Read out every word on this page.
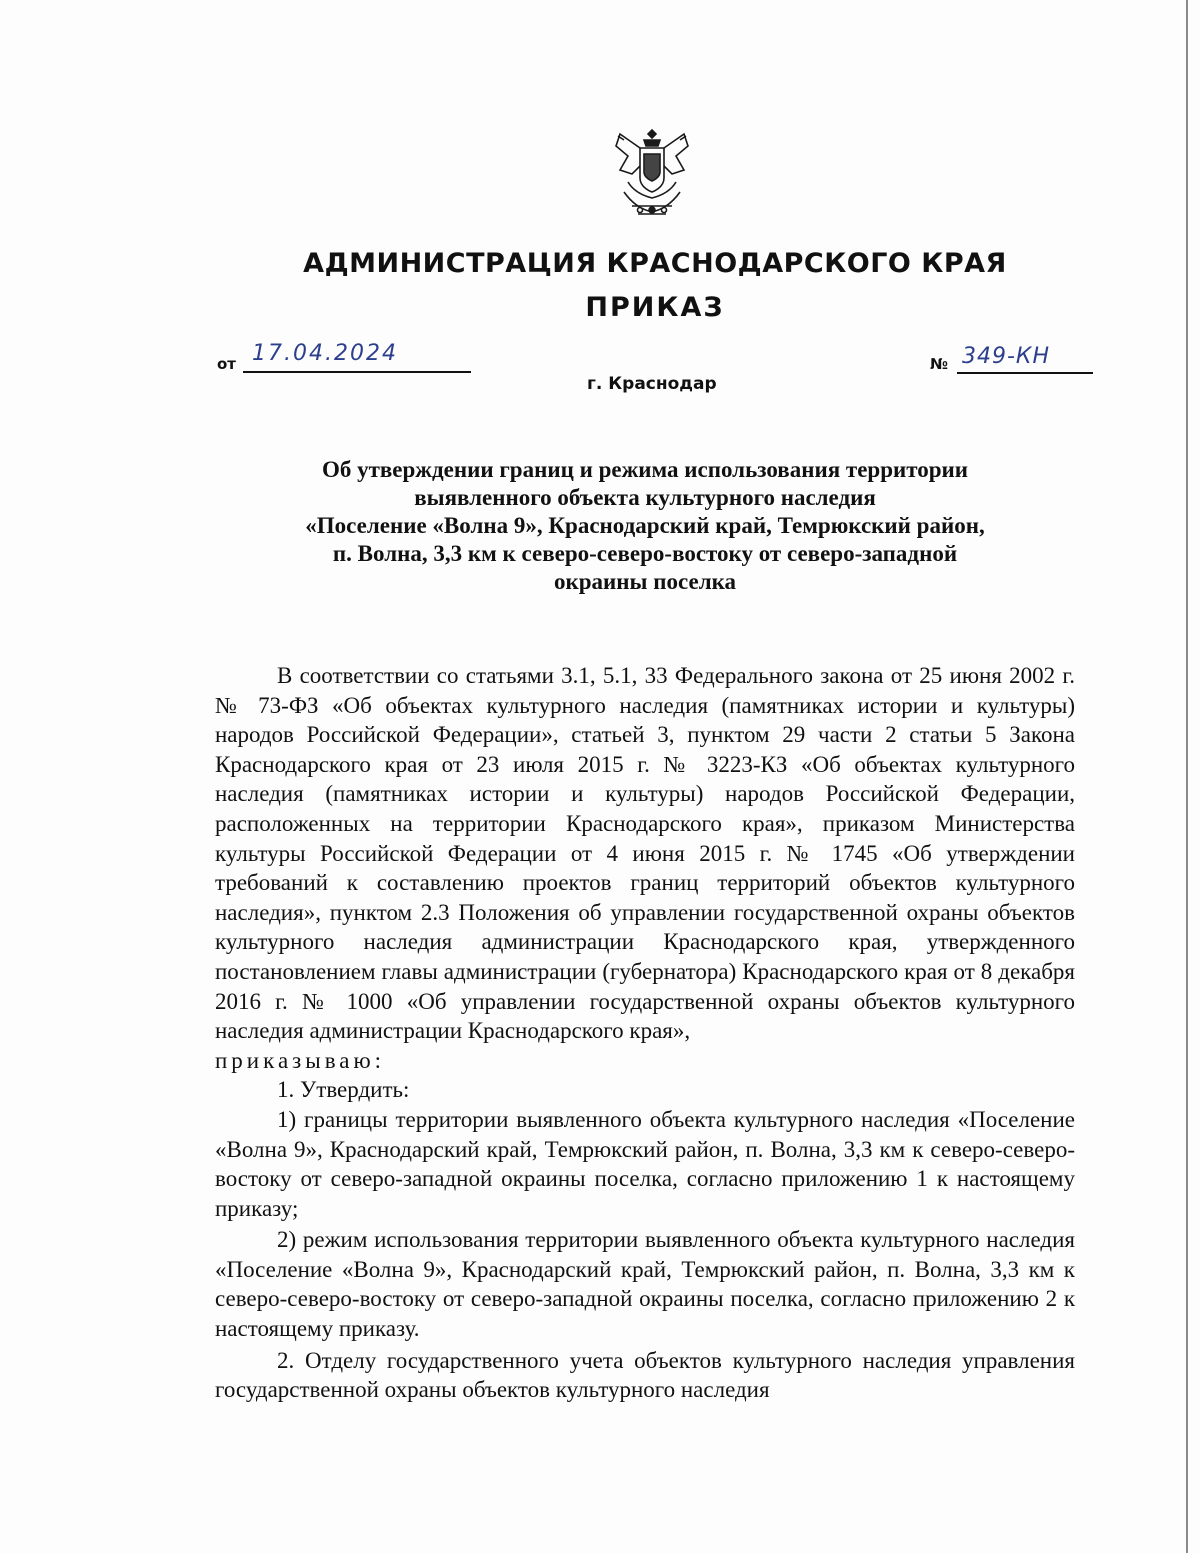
АДМИНИСТРАЦИЯ КРАСНОДАРСКОГО КРАЯ
ПРИКАЗ
от 17.04.2024
г. Краснодар
№ 349-КН
Об утверждении границ и режима использования территории
выявленного объекта культурного наследия
«Поселение «Волна 9», Краснодарский край, Темрюкский район,
п. Волна, 3,3 км к северо-северо-востоку от северо-западной
окраины поселка

В соответствии со статьями 3.1, 5.1, 33 Федерального закона от 25 июня 2002 г. № 73-ФЗ «Об объектах культурного наследия (памятниках истории и культуры) народов Российской Федерации», статьей 3, пунктом 29 части 2 статьи 5 Закона Краснодарского края от 23 июля 2015 г. № 3223-КЗ «Об объектах культурного наследия (памятниках истории и культуры) народов Российской Федерации, расположенных на территории Краснодарского края», приказом Министерства культуры Российской Федерации от 4 июня 2015 г. № 1745 «Об утверждении требований к составлению проектов границ территорий объектов культурного наследия», пунктом 2.3 Положения об управлении государственной охраны объектов культурного наследия администрации Краснодарского края, утвержденного постановлением главы администрации (губернатора) Краснодарского края от 8 декабря 2016 г. № 1000 «Об управлении государственной охраны объектов культурного наследия администрации Краснодарского края»,

приказываю:

1. Утвердить:

1) границы территории выявленного объекта культурного наследия «Поселение «Волна 9», Краснодарский край, Темрюкский район, п. Волна, 3,3 км к северо-северо-востоку от северо-западной окраины поселка, согласно приложению 1 к настоящему приказу;

2) режим использования территории выявленного объекта культурного наследия «Поселение «Волна 9», Краснодарский край, Темрюкский район, п. Волна, 3,3 км к северо-северо-востоку от северо-западной окраины поселка, согласно приложению 2 к настоящему приказу.

2. Отделу государственного учета объектов культурного наследия управления государственной охраны объектов культурного наследия
